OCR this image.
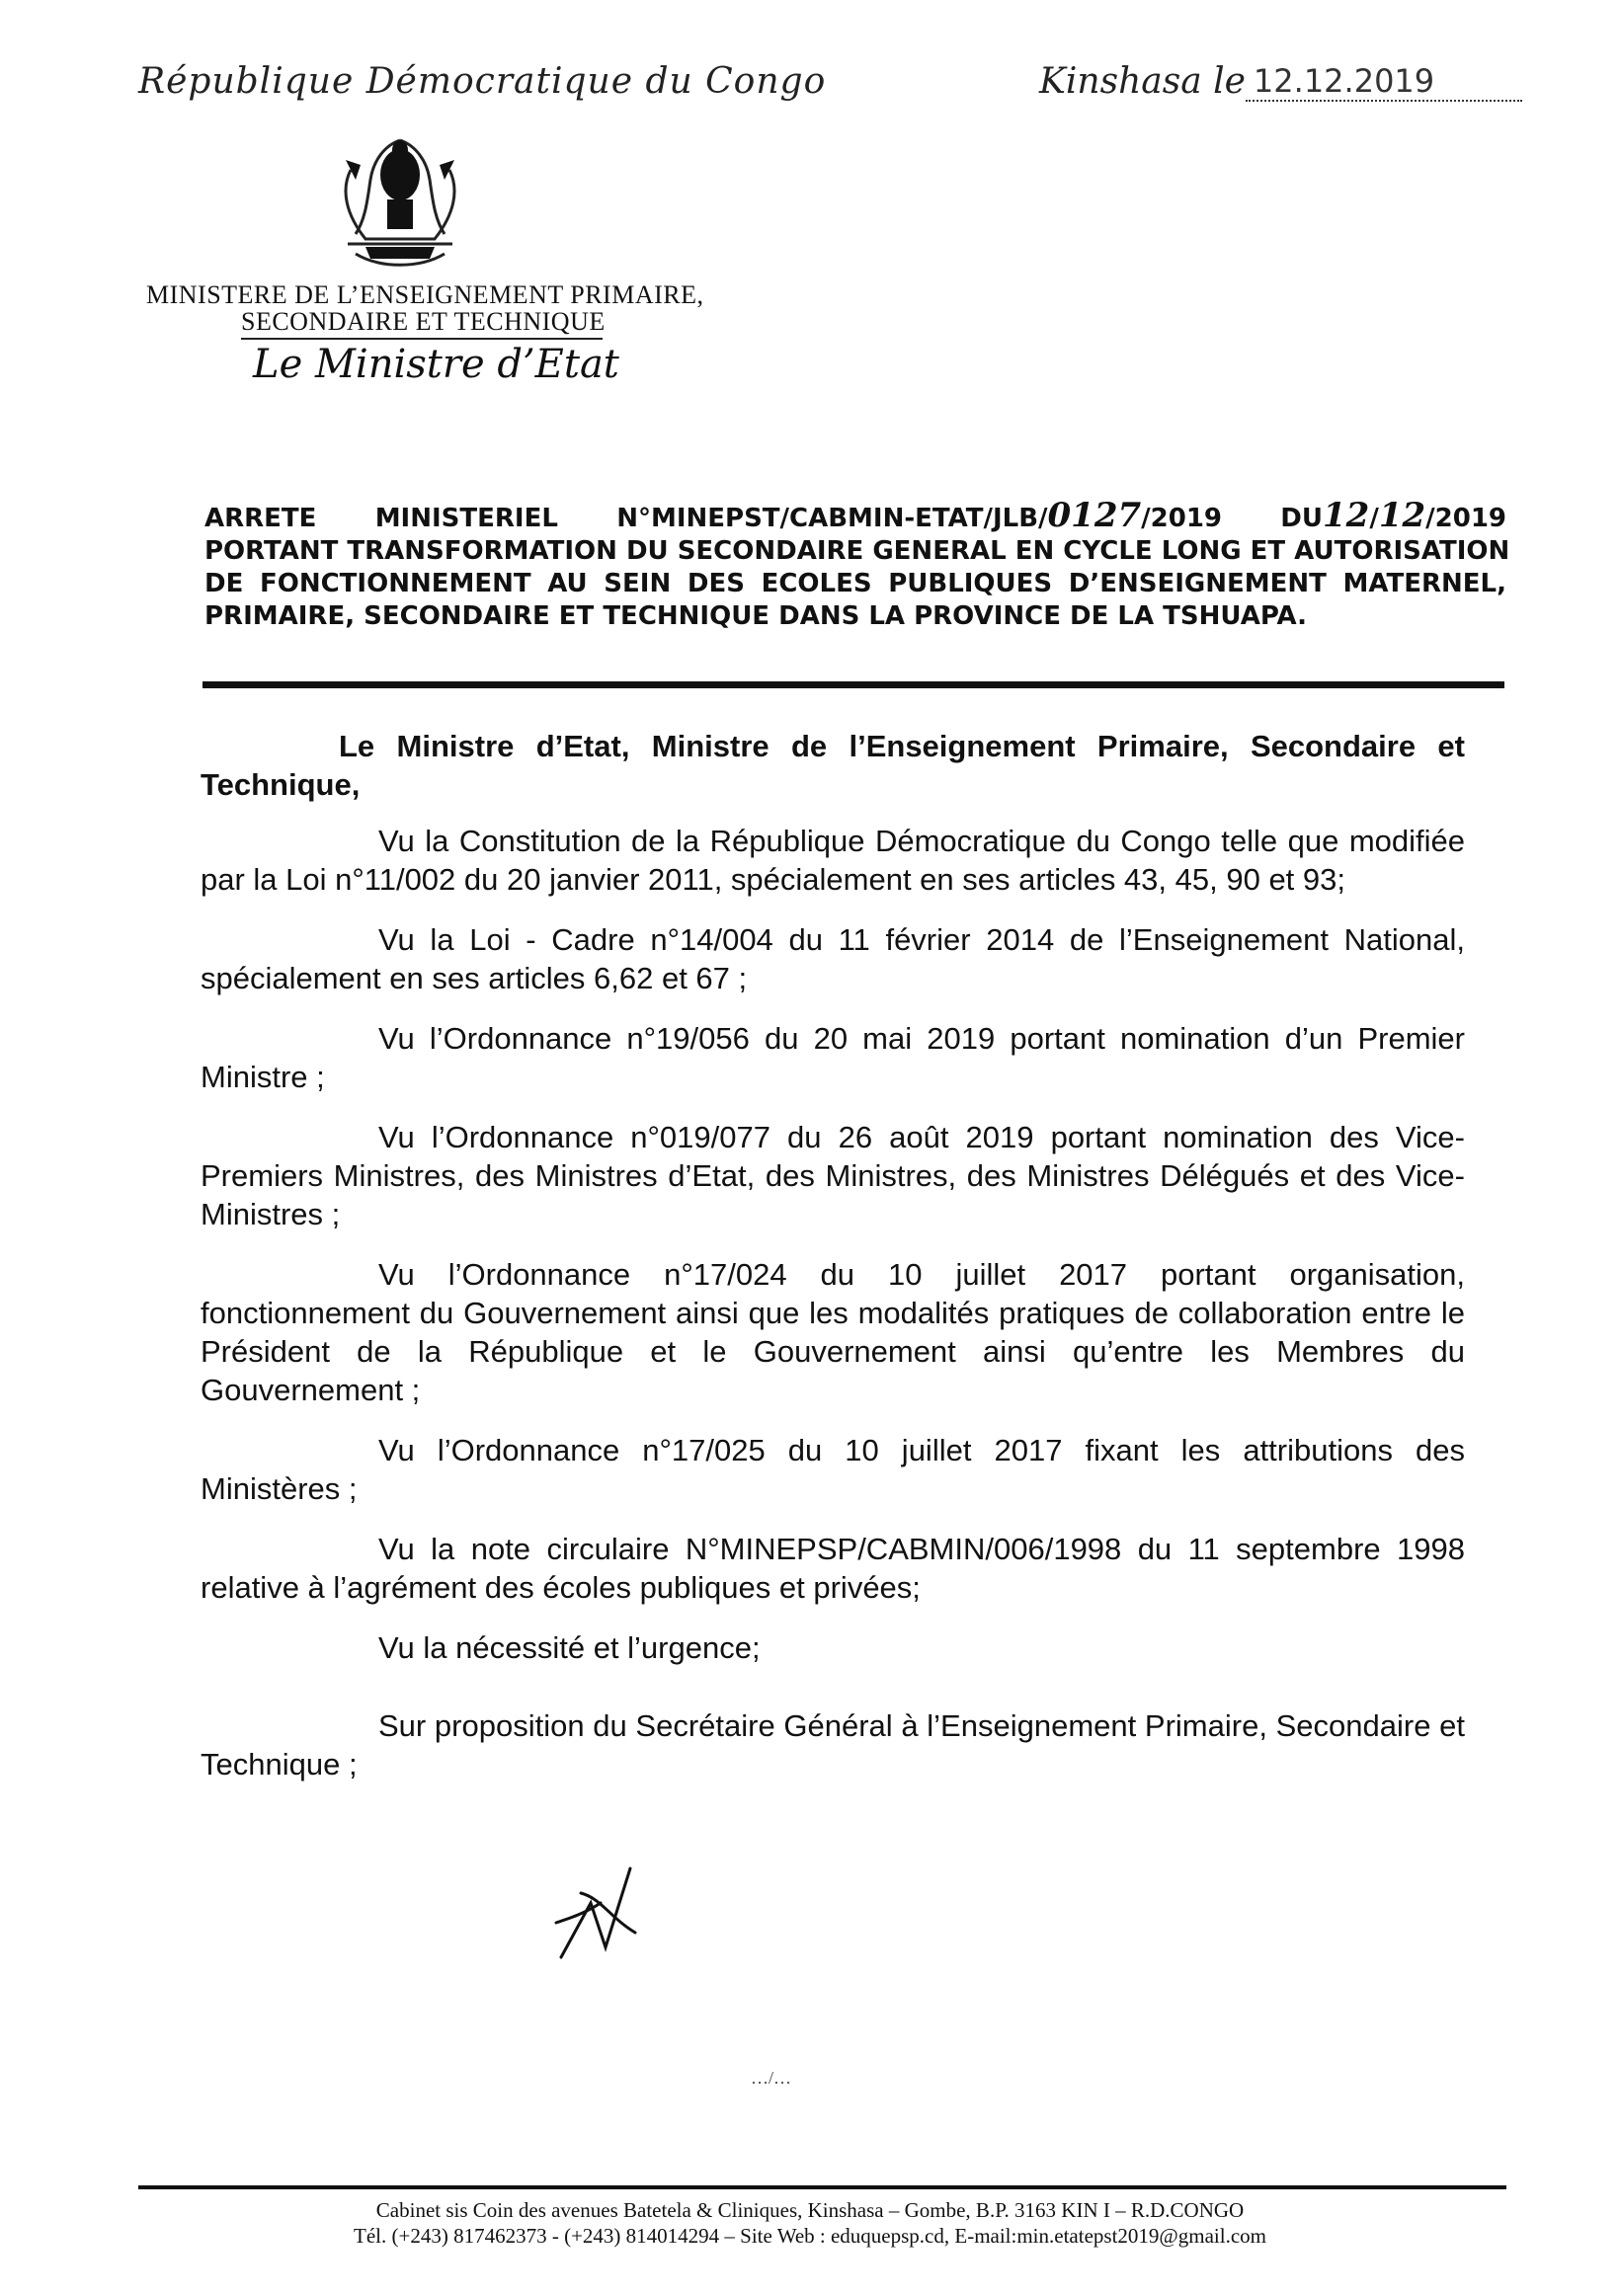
République Démocratique du Congo	Kinshasa le 12.12.2019
MINISTERE DE L’ENSEIGNEMENT PRIMAIRE,
SECONDAIRE ET TECHNIQUE
Le Ministre d’Etat
ARRETE MINISTERIEL N°MINEPST/CABMIN-ETAT/JLB/0127/2019 DU12/12/2019
PORTANT TRANSFORMATION DU SECONDAIRE GENERAL EN CYCLE LONG ET AUTORISATION
DE FONCTIONNEMENT AU SEIN DES ECOLES PUBLIQUES D’ENSEIGNEMENT MATERNEL,
PRIMAIRE, SECONDAIRE ET TECHNIQUE DANS LA PROVINCE DE LA TSHUAPA.

Le Ministre d’Etat, Ministre de l’Enseignement Primaire, Secondaire et Technique,

Vu la Constitution de la République Démocratique du Congo telle que modifiée par la Loi n°11/002 du 20 janvier 2011, spécialement en ses articles 43, 45, 90 et 93;

Vu la Loi - Cadre n°14/004 du 11 février 2014 de l’Enseignement National, spécialement en ses articles 6,62 et 67 ;

Vu l’Ordonnance n°19/056 du 20 mai 2019 portant nomination d’un Premier Ministre ;

Vu l’Ordonnance n°019/077 du 26 août 2019 portant nomination des Vice-Premiers Ministres, des Ministres d’Etat, des Ministres, des Ministres Délégués et des Vice-Ministres ;

Vu l’Ordonnance n°17/024 du 10 juillet 2017 portant organisation, fonctionnement du Gouvernement ainsi que les modalités pratiques de collaboration entre le Président de la République et le Gouvernement ainsi qu’entre les Membres du Gouvernement ;

Vu l’Ordonnance n°17/025 du 10 juillet 2017 fixant les attributions des Ministères ;

Vu la note circulaire N°MINEPSP/CABMIN/006/1998 du 11 septembre 1998 relative à l’agrément des écoles publiques et privées;

Vu la nécessité et l’urgence;

Sur proposition du Secrétaire Général à l’Enseignement Primaire, Secondaire et Technique ;

…/…
Cabinet sis Coin des avenues Batetela & Cliniques, Kinshasa – Gombe, B.P. 3163 KIN I – R.D.CONGO
Tél. (+243) 817462373 - (+243) 814014294 – Site Web : eduquepsp.cd, E-mail:min.etatepst2019@gmail.com
